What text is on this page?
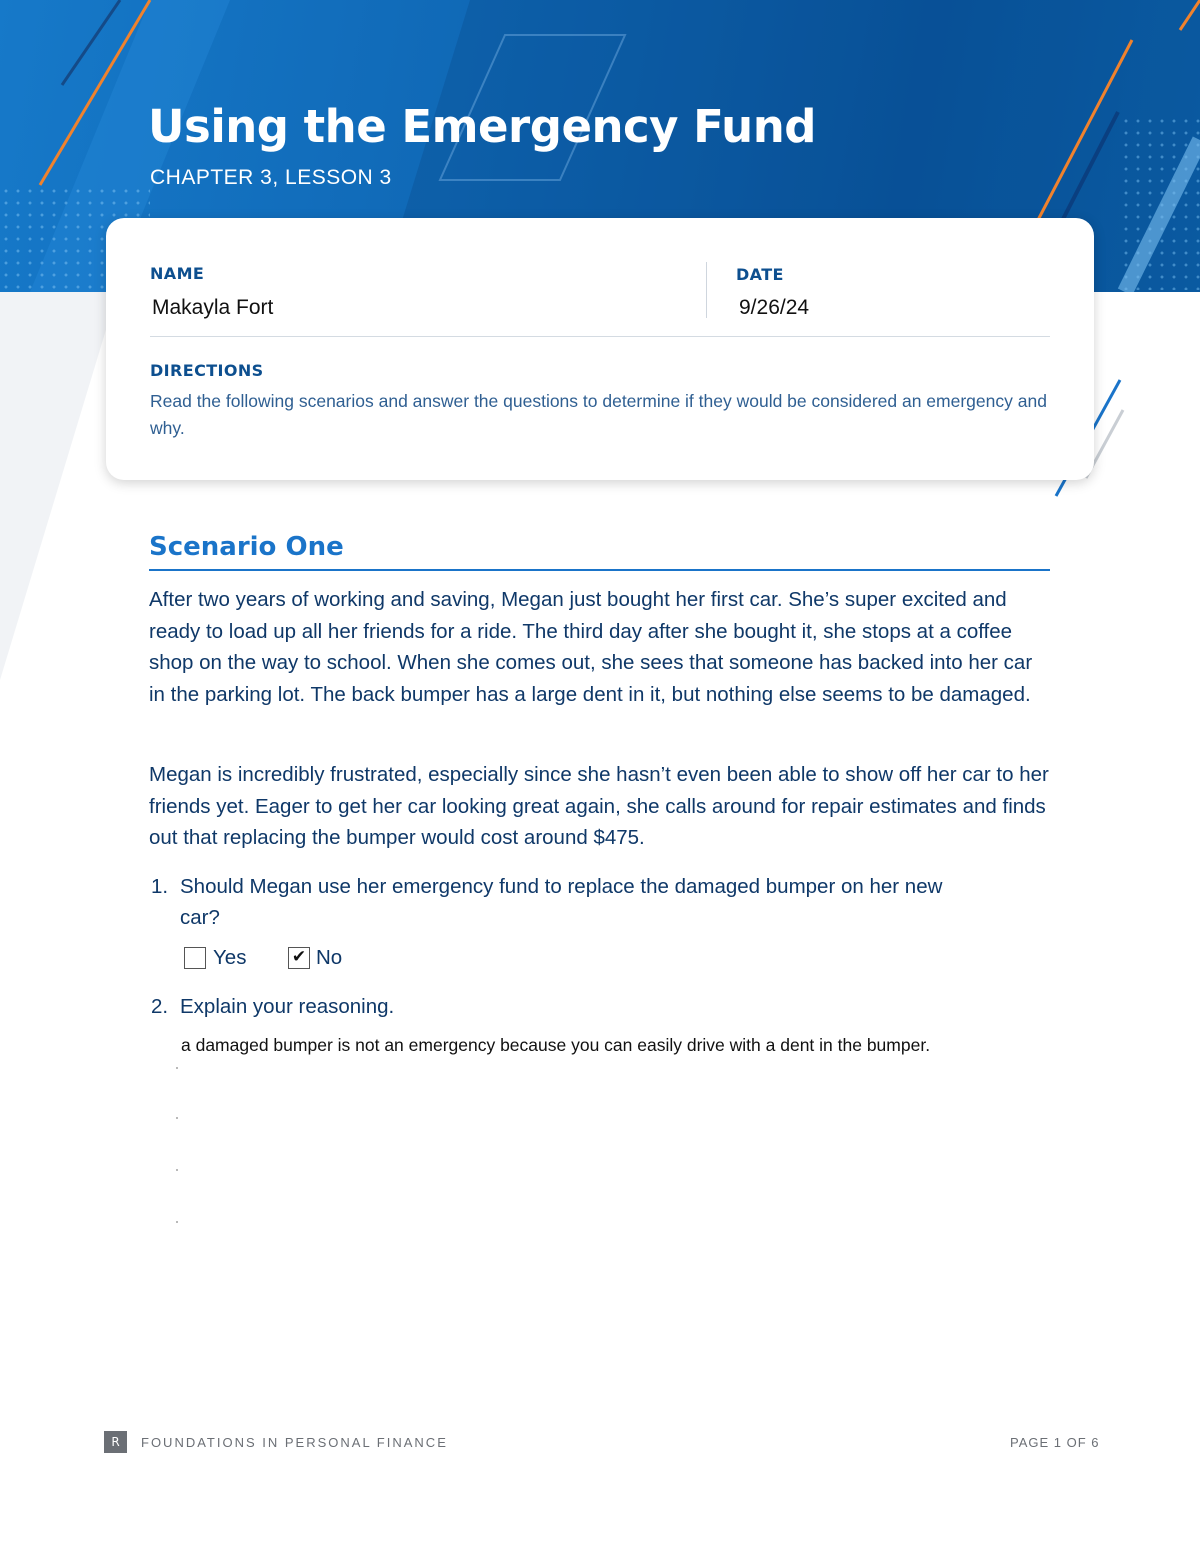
Using the Emergency Fund
CHAPTER 3, LESSON 3
NAME
Makayla Fort
DATE
9/26/24
DIRECTIONS
Read the following scenarios and answer the questions to determine if they would be considered an emergency and why.
Scenario One
After two years of working and saving, Megan just bought her first car. She’s super excited and ready to load up all her friends for a ride. The third day after she bought it, she stops at a coffee shop on the way to school. When she comes out, she sees that someone has backed into her car in the parking lot. The back bumper has a large dent in it, but nothing else seems to be damaged.
Megan is incredibly frustrated, especially since she hasn’t even been able to show off her car to her friends yet. Eager to get her car looking great again, she calls around for repair estimates and finds out that replacing the bumper would cost around $475.
1. Should Megan use her emergency fund to replace the damaged bumper on her new car?
Yes	✔ No
2. Explain your reasoning.
a damaged bumper is not an emergency because you can easily drive with a dent in the bumper.
R	FOUNDATIONS IN PERSONAL FINANCE	PAGE 1 OF 6
